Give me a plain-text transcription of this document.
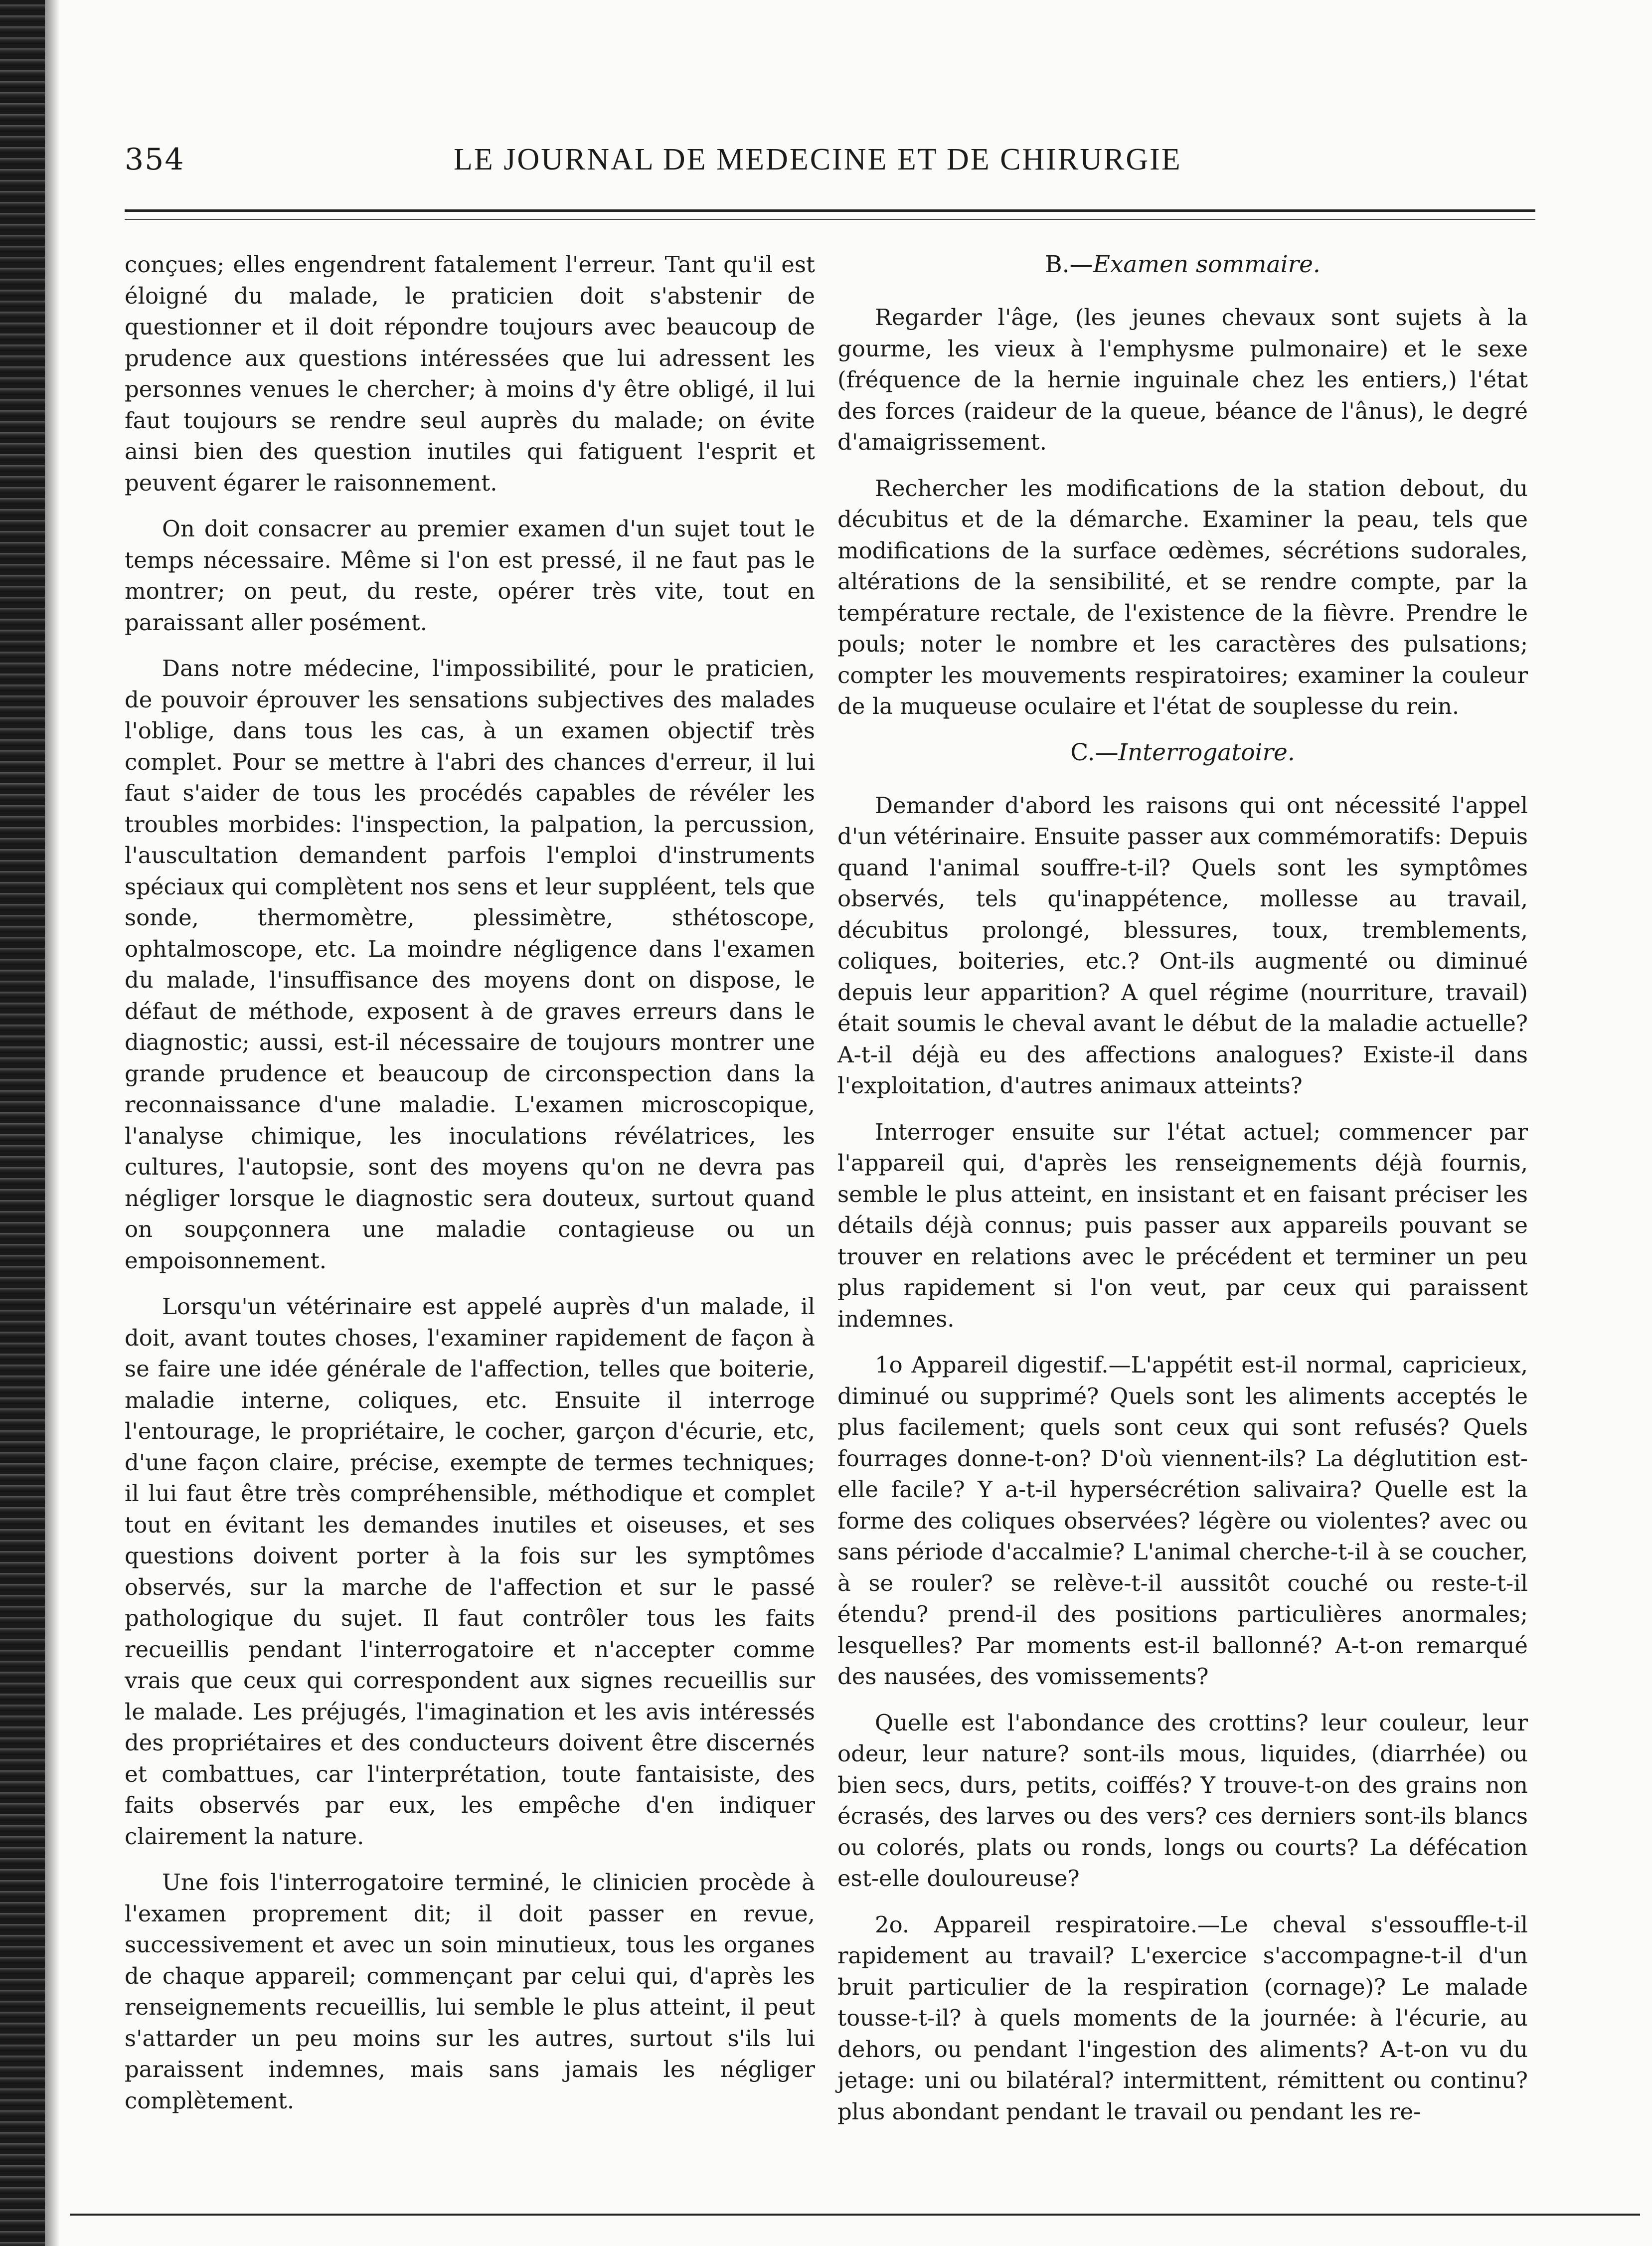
354	LE JOURNAL DE MEDECINE ET DE CHIRURGIE

conçues; elles engendrent fatalement l'erreur. Tant qu'il est éloigné du malade, le praticien doit s'abstenir de questionner et il doit répondre toujours avec beaucoup de prudence aux questions intéressées que lui adressent les personnes venues le chercher; à moins d'y être obligé, il lui faut toujours se rendre seul auprès du malade; on évite ainsi bien des question inutiles qui fatiguent l'esprit et peuvent égarer le raisonnement.

On doit consacrer au premier examen d'un sujet tout le temps nécessaire. Même si l'on est pressé, il ne faut pas le montrer; on peut, du reste, opérer très vite, tout en paraissant aller posément.

Dans notre médecine, l'impossibilité, pour le praticien, de pouvoir éprouver les sensations subjectives des malades l'oblige, dans tous les cas, à un examen objectif très complet. Pour se mettre à l'abri des chances d'erreur, il lui faut s'aider de tous les procédés capables de révéler les troubles morbides: l'inspection, la palpation, la percussion, l'auscultation demandent parfois l'emploi d'instruments spéciaux qui complètent nos sens et leur suppléent, tels que sonde, thermomètre, plessimètre, sthétoscope, ophtalmoscope, etc. La moindre négligence dans l'examen du malade, l'insuffisance des moyens dont on dispose, le défaut de méthode, exposent à de graves erreurs dans le diagnostic; aussi, est-il nécessaire de toujours montrer une grande prudence et beaucoup de circonspection dans la reconnaissance d'une maladie. L'examen microscopique, l'analyse chimique, les inoculations révélatrices, les cultures, l'autopsie, sont des moyens qu'on ne devra pas négliger lorsque le diagnostic sera douteux, surtout quand on soupçonnera une maladie contagieuse ou un empoisonnement.

Lorsqu'un vétérinaire est appelé auprès d'un malade, il doit, avant toutes choses, l'examiner rapidement de façon à se faire une idée générale de l'affection, telles que boiterie, maladie interne, coliques, etc. Ensuite il interroge l'entourage, le propriétaire, le cocher, garçon d'écurie, etc, d'une façon claire, précise, exempte de termes techniques; il lui faut être très compréhensible, méthodique et complet tout en évitant les demandes inutiles et oiseuses, et ses questions doivent porter à la fois sur les symptômes observés, sur la marche de l'affection et sur le passé pathologique du sujet. Il faut contrôler tous les faits recueillis pendant l'interrogatoire et n'accepter comme vrais que ceux qui correspondent aux signes recueillis sur le malade. Les préjugés, l'imagination et les avis intéressés des propriétaires et des conducteurs doivent être discernés et combattues, car l'interprétation, toute fantaisiste, des faits observés par eux, les empêche d'en indiquer clairement la nature.

Une fois l'interrogatoire terminé, le clinicien procède à l'examen proprement dit; il doit passer en revue, successivement et avec un soin minutieux, tous les organes de chaque appareil; commençant par celui qui, d'après les renseignements recueillis, lui semble le plus atteint, il peut s'attarder un peu moins sur les autres, surtout s'ils lui paraissent indemnes, mais sans jamais les négliger complètement.

B.—Examen sommaire.

Regarder l'âge, (les jeunes chevaux sont sujets à la gourme, les vieux à l'emphysme pulmonaire) et le sexe (fréquence de la hernie inguinale chez les entiers,) l'état des forces (raideur de la queue, béance de l'ânus), le degré d'amaigrissement.

Rechercher les modifications de la station debout, du décubitus et de la démarche. Examiner la peau, tels que modifications de la surface œdèmes, sécrétions sudorales, altérations de la sensibilité, et se rendre compte, par la température rectale, de l'existence de la fièvre. Prendre le pouls; noter le nombre et les caractères des pulsations; compter les mouvements respiratoires; examiner la couleur de la muqueuse oculaire et l'état de souplesse du rein.

C.—Interrogatoire.

Demander d'abord les raisons qui ont nécessité l'appel d'un vétérinaire. Ensuite passer aux commémoratifs: Depuis quand l'animal souffre-t-il? Quels sont les symptômes observés, tels qu'inappétence, mollesse au travail, décubitus prolongé, blessures, toux, tremblements, coliques, boiteries, etc.? Ont-ils augmenté ou diminué depuis leur apparition? A quel régime (nourriture, travail) était soumis le cheval avant le début de la maladie actuelle? A-t-il déjà eu des affections analogues? Existe-il dans l'exploitation, d'autres animaux atteints?

Interroger ensuite sur l'état actuel; commencer par l'appareil qui, d'après les renseignements déjà fournis, semble le plus atteint, en insistant et en faisant préciser les détails déjà connus; puis passer aux appareils pouvant se trouver en relations avec le précédent et terminer un peu plus rapidement si l'on veut, par ceux qui paraissent indemnes.

1o Appareil digestif.—L'appétit est-il normal, capricieux, diminué ou supprimé? Quels sont les aliments acceptés le plus facilement; quels sont ceux qui sont refusés? Quels fourrages donne-t-on? D'où viennent-ils? La déglutition est-elle facile? Y a-t-il hypersécrétion salivaira? Quelle est la forme des coliques observées? légère ou violentes? avec ou sans période d'accalmie? L'animal cherche-t-il à se coucher, à se rouler? se relève-t-il aussitôt couché ou reste-t-il étendu? prend-il des positions particulières anormales; lesquelles? Par moments est-il ballonné? A-t-on remarqué des nausées, des vomissements?

Quelle est l'abondance des crottins? leur couleur, leur odeur, leur nature? sont-ils mous, liquides, (diarrhée) ou bien secs, durs, petits, coiffés? Y trouve-t-on des grains non écrasés, des larves ou des vers? ces derniers sont-ils blancs ou colorés, plats ou ronds, longs ou courts? La défécation est-elle douloureuse?

2o. Appareil respiratoire.—Le cheval s'essouffle-t-il rapidement au travail? L'exercice s'accompagne-t-il d'un bruit particulier de la respiration (cornage)? Le malade tousse-t-il? à quels moments de la journée: à l'écurie, au dehors, ou pendant l'ingestion des aliments? A-t-on vu du jetage: uni ou bilatéral? intermittent, rémittent ou continu? plus abondant pendant le travail ou pendant les re-
